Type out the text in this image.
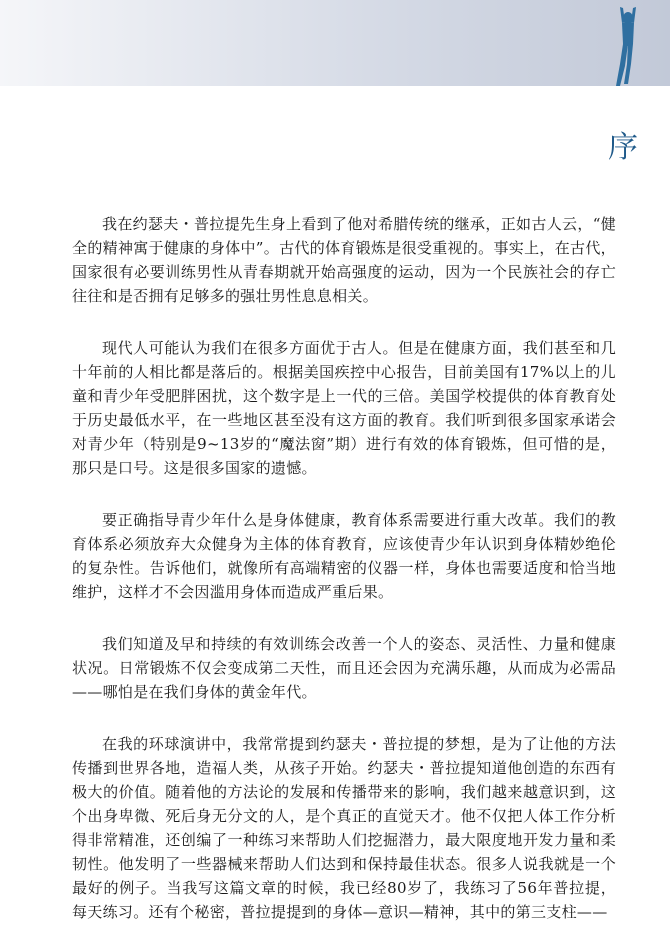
序

我在约瑟夫・普拉提先生身上看到了他对希腊传统的继承，正如古人云，“健全的精神寓于健康的身体中”。古代的体育锻炼是很受重视的。事实上，在古代，国家很有必要训练男性从青春期就开始高强度的运动，因为一个民族社会的存亡往往和是否拥有足够多的强壮男性息息相关。

现代人可能认为我们在很多方面优于古人。但是在健康方面，我们甚至和几十年前的人相比都是落后的。根据美国疾控中心报告，目前美国有17%以上的儿童和青少年受肥胖困扰，这个数字是上一代的三倍。美国学校提供的体育教育处于历史最低水平，在一些地区甚至没有这方面的教育。我们听到很多国家承诺会对青少年（特别是9~13岁的“魔法窗”期）进行有效的体育锻炼，但可惜的是，那只是口号。这是很多国家的遗憾。

要正确指导青少年什么是身体健康，教育体系需要进行重大改革。我们的教育体系必须放弃大众健身为主体的体育教育，应该使青少年认识到身体精妙绝伦的复杂性。告诉他们，就像所有高端精密的仪器一样，身体也需要适度和恰当地维护，这样才不会因滥用身体而造成严重后果。

我们知道及早和持续的有效训练会改善一个人的姿态、灵活性、力量和健康状况。日常锻炼不仅会变成第二天性，而且还会因为充满乐趣，从而成为必需品——哪怕是在我们身体的黄金年代。

在我的环球演讲中，我常常提到约瑟夫・普拉提的梦想，是为了让他的方法传播到世界各地，造福人类，从孩子开始。约瑟夫・普拉提知道他创造的东西有极大的价值。随着他的方法论的发展和传播带来的影响，我们越来越意识到，这个出身卑微、死后身无分文的人，是个真正的直觉天才。他不仅把人体工作分析得非常精准，还创编了一种练习来帮助人们挖掘潜力，最大限度地开发力量和柔韧性。他发明了一些器械来帮助人们达到和保持最佳状态。很多人说我就是一个最好的例子。当我写这篇文章的时候，我已经80岁了，我练习了56年普拉提，每天练习。还有个秘密，普拉提提到的身体—意识—精神，其中的第三支柱——
